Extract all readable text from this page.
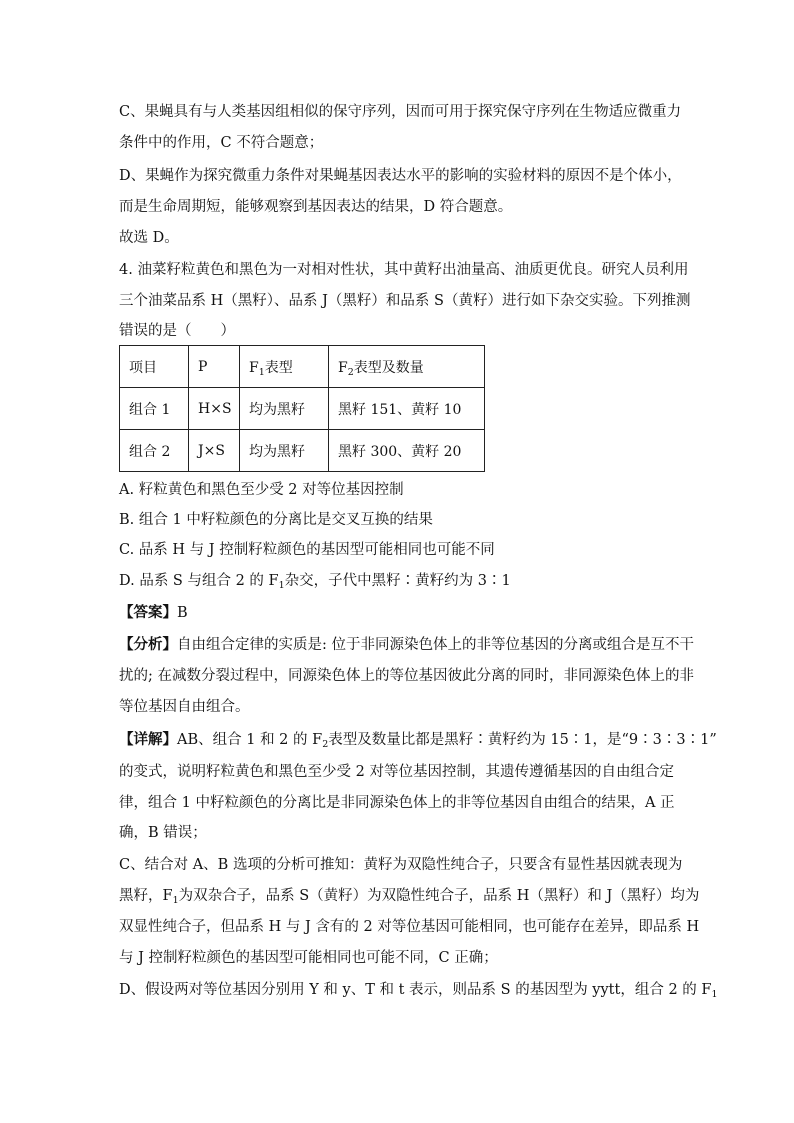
C、果蝇具有与人类基因组相似的保守序列，因而可用于探究保守序列在生物适应微重力
条件中的作用，C 不符合题意；
D、果蝇作为探究微重力条件对果蝇基因表达水平的影响的实验材料的原因不是个体小，
而是生命周期短，能够观察到基因表达的结果，D 符合题意。
故选 D。
4. 油菜籽粒黄色和黑色为一对相对性状，其中黄籽出油量高、油质更优良。研究人员利用
三个油菜品系 H（黑籽）、品系 J（黑籽）和品系 S（黄籽）进行如下杂交实验。下列推测
错误的是（　　）
项目	P	$F_1$表型	$F_2$表型及数量
组合 1	H×S	均为黑籽	黑籽 151、黄籽 10
组合 2	J×S	均为黑籽	黑籽 300、黄籽 20
A. 籽粒黄色和黑色至少受 2 对等位基因控制
B. 组合 1 中籽粒颜色的分离比是交叉互换的结果
C. 品系 H 与 J 控制籽粒颜色的基因型可能相同也可能不同
D. 品系 S 与组合 2 的 $F_1$杂交，子代中黑籽∶黄籽约为 3∶1
【答案】B
【分析】自由组合定律的实质是: 位于非同源染色体上的非等位基因的分离或组合是互不干
扰的; 在减数分裂过程中，同源染色体上的等位基因彼此分离的同时，非同源染色体上的非
等位基因自由组合。
【详解】AB、组合 1 和 2 的 $F_2$表型及数量比都是黑籽∶黄籽约为 15∶1，是“9∶3∶3∶1”
的变式，说明籽粒黄色和黑色至少受 2 对等位基因控制，其遗传遵循基因的自由组合定
律，组合 1 中籽粒颜色的分离比是非同源染色体上的非等位基因自由组合的结果，A 正
确，B 错误；
C、结合对 A、B 选项的分析可推知：黄籽为双隐性纯合子，只要含有显性基因就表现为
黑籽，$F_1$为双杂合子，品系 S（黄籽）为双隐性纯合子，品系 H（黑籽）和 J（黑籽）均为
双显性纯合子，但品系 H 与 J 含有的 2 对等位基因可能相同，也可能存在差异，即品系 H
与 J 控制籽粒颜色的基因型可能相同也可能不同，C 正确；
D、假设两对等位基因分别用 Y 和 y、T 和 t 表示，则品系 S 的基因型为 yytt，组合 2 的 $F_1$
